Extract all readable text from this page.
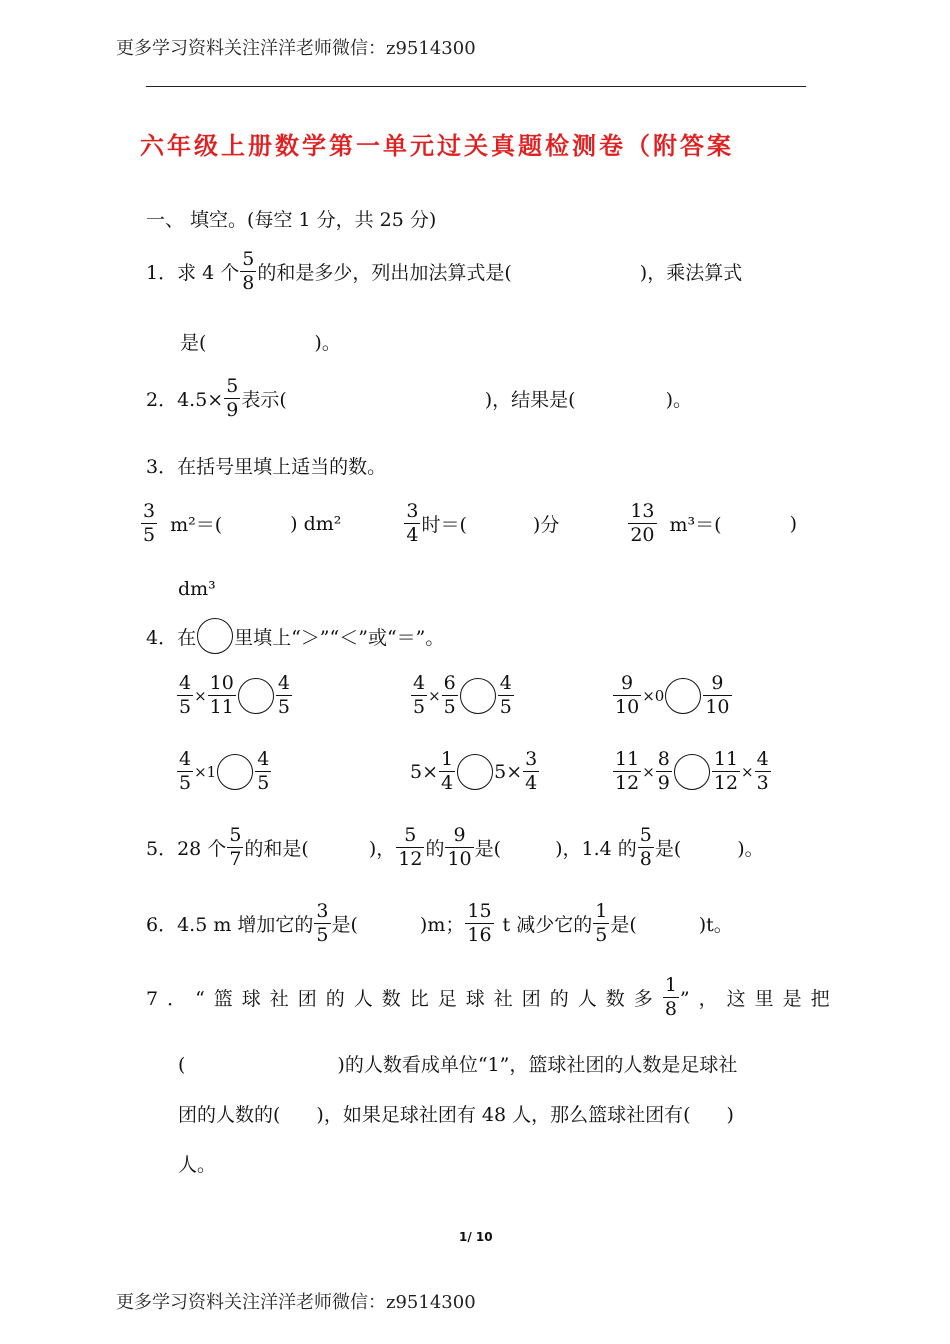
更多学习资料关注洋洋老师微信：z9514300
六年级上册数学第一单元过关真题检测卷（附答案
一、 填空。(每空 1 分，共 25 分)
1．求 4 个 $\frac{5}{8}$ 的和是多少，列出加法算式是(	)，乘法算式
是(	)。
2．$4.5\times \frac{5}{9}$ 表示(	)，结果是(	)。
3．在括号里填上适当的数。
$\frac{3}{5} m^2=$(	) dm²	$\frac{3}{4}$ 时＝(	)分	$\frac{13}{20} m^3=$(	)
dm³
4．在 里填上“＞”“＜”或“＝”。
$\frac{4}{5} \times \frac{10}{11} \frac{4}{5}$	$\frac{4}{5} \times \frac{6}{5} \frac{4}{5}$	$\frac{9}{10} \times 0 \frac{9}{10}$
$\frac{4}{5} \times 1 \frac{4}{5}$	$5\times \frac{1}{4} 5\times \frac{3}{4}$	$\frac{11}{12} \times \frac{8}{9} \frac{11}{12} \times \frac{4}{3}$
5．28 个 $\frac{5}{7}$ 的和是(	)， $\frac{5}{12}$ 的 $\frac{9}{10}$ 是(	)，1.4 的 $\frac{5}{8}$ 是(	)。
6．4.5 m 增加它的 $\frac{3}{5}$ 是(	)m； $\frac{15}{16}$ t 减少它的 $\frac{1}{5}$ 是(	)t。
7．“篮球社团的人数比足球社团的人数多 $\frac{1}{8}$ ”，这里是把
(	)的人数看成单位“1”，篮球社团的人数是足球社
团的人数的( )，如果足球社团有 48 人，那么篮球社团有( )
人。
1/ 10
更多学习资料关注洋洋老师微信：z9514300
